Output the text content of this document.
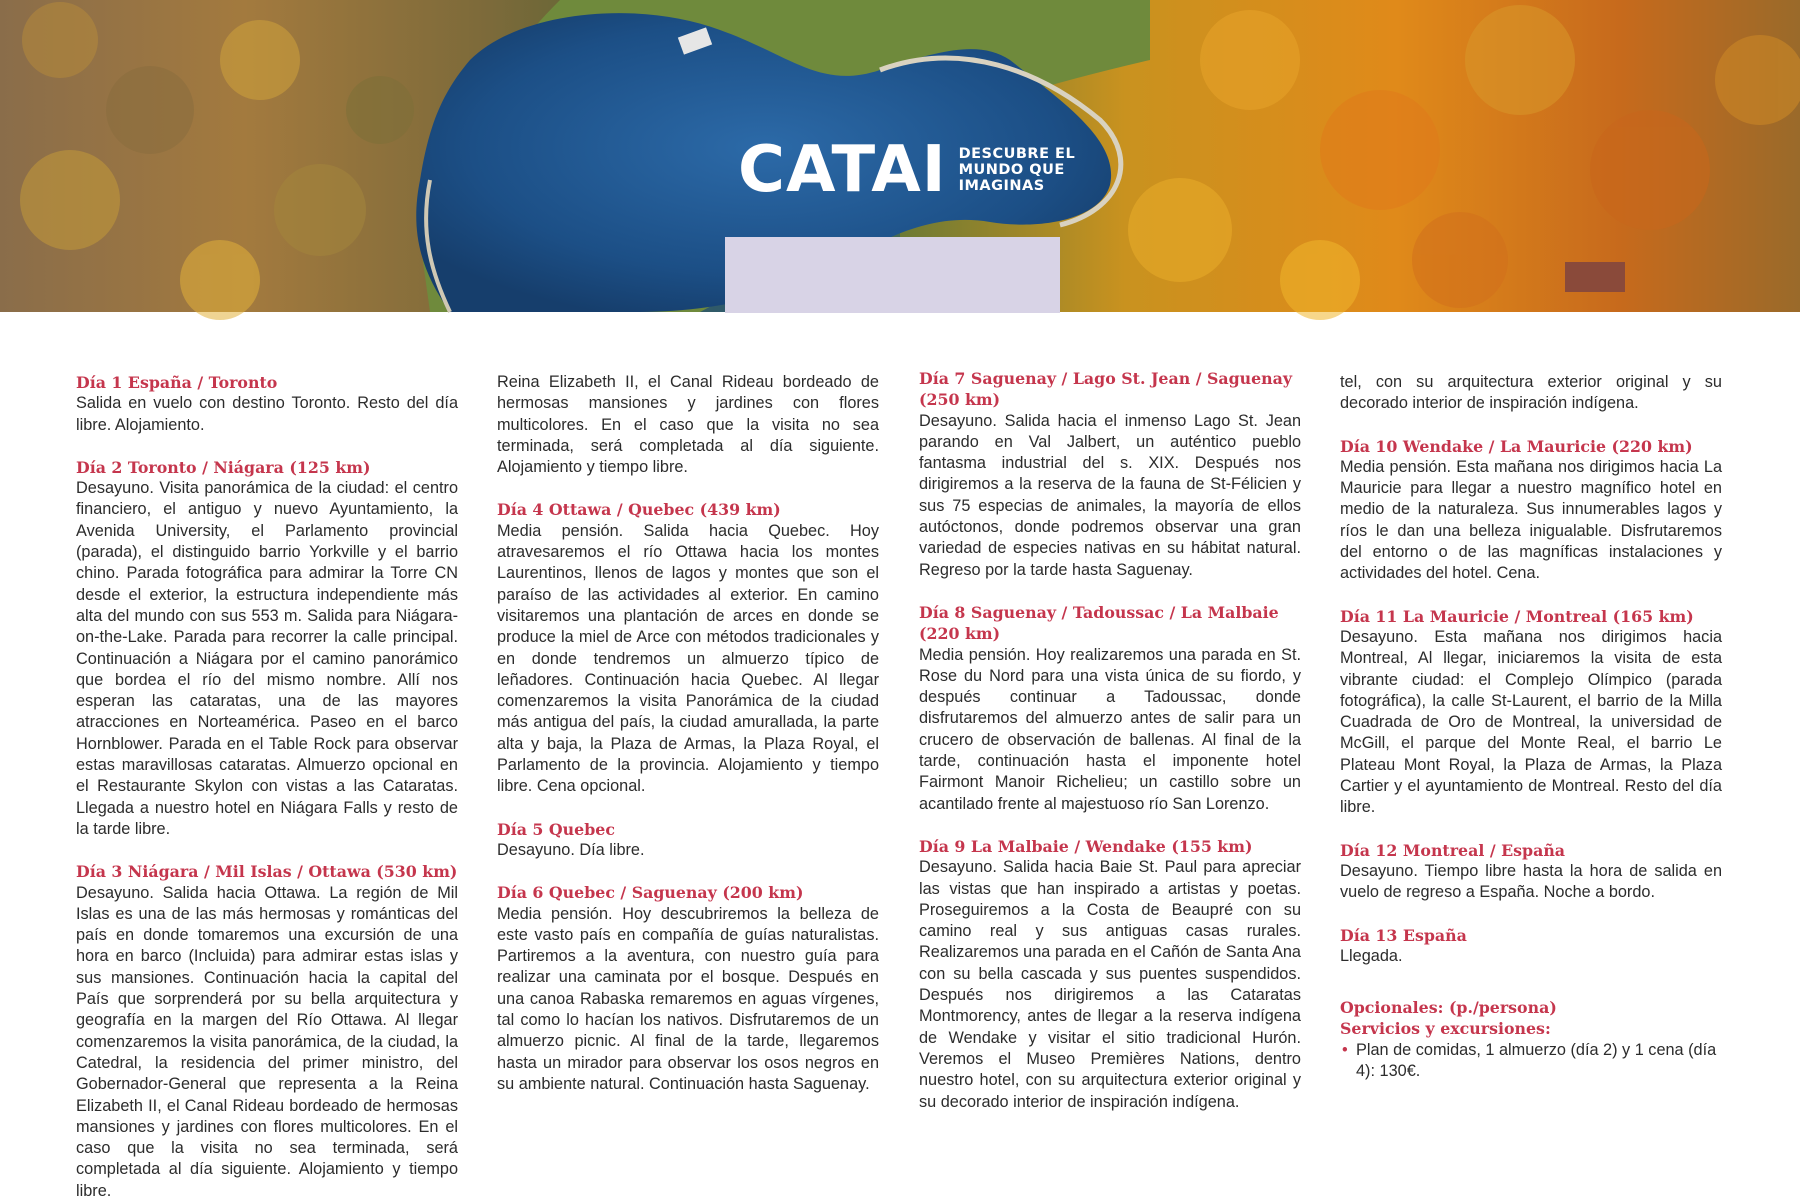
CATAI DESCUBRE EL
MUNDO QUE
IMAGINAS
Día 1 España / Toronto

Salida en vuelo con destino Toronto. Resto del día libre. Alojamiento.

Día 2 Toronto / Niágara (125 km)

Desayuno. Visita panorámica de la ciudad: el centro financiero, el antiguo y nuevo Ayuntamiento, la Avenida University, el Parlamento provincial (parada), el distinguido barrio Yorkville y el barrio chino. Parada fotográfica para admirar la Torre CN desde el exterior, la estructura independiente más alta del mundo con sus 553 m. Salida para Niágara-on-the-Lake. Parada para recorrer la calle principal. Continuación a Niágara por el camino panorámico que bordea el río del mismo nombre. Allí nos esperan las cataratas, una de las mayores atracciones en Norteamérica. Paseo en el barco Hornblower. Parada en el Table Rock para observar estas maravillosas cataratas. Almuerzo opcional en el Restaurante Skylon con vistas a las Cataratas. Llegada a nuestro hotel en Niágara Falls y resto de la tarde libre.

Día 3 Niágara / Mil Islas / Ottawa (530 km)

Desayuno. Salida hacia Ottawa. La región de Mil Islas es una de las más hermosas y románticas del país en donde tomaremos una excursión de una hora en barco (Incluida) para admirar estas islas y sus mansiones. Continuación hacia la capital del País que sorprenderá por su bella arquitectura y geografía en la margen del Río Ottawa. Al llegar comenzaremos la visita panorámica, de la ciudad, la Catedral, la residencia del primer ministro, del Gobernador-General que representa a la Reina Elizabeth II, el Canal Rideau bordeado de hermosas mansiones y jardines con flores multicolores. En el caso que la visita no sea terminada, será completada al día siguiente. Alojamiento y tiempo libre.

Reina Elizabeth II, el Canal Rideau bordeado de hermosas mansiones y jardines con flores multicolores. En el caso que la visita no sea terminada, será completada al día siguiente. Alojamiento y tiempo libre.

Día 4 Ottawa / Quebec (439 km)

Media pensión. Salida hacia Quebec. Hoy atravesaremos el río Ottawa hacia los montes Laurentinos, llenos de lagos y montes que son el paraíso de las actividades al exterior. En camino visitaremos una plantación de arces en donde se produce la miel de Arce con métodos tradicionales y en donde tendremos un almuerzo típico de leñadores. Continuación hacia Quebec. Al llegar comenzaremos la visita Panorámica de la ciudad más antigua del país, la ciudad amurallada, la parte alta y baja, la Plaza de Armas, la Plaza Royal, el Parlamento de la provincia. Alojamiento y tiempo libre. Cena opcional.

Día 5 Quebec

Desayuno. Día libre.

Día 6 Quebec / Saguenay (200 km)

Media pensión. Hoy descubriremos la belleza de este vasto país en compañía de guías naturalistas. Partiremos a la aventura, con nuestro guía para realizar una caminata por el bosque. Después en una canoa Rabaska remaremos en aguas vírgenes, tal como lo hacían los nativos. Disfrutaremos de un almuerzo picnic. Al final de la tarde, llegaremos hasta un mirador para observar los osos negros en su ambiente natural. Continuación hasta Saguenay.

Día 7 Saguenay / Lago St. Jean / Saguenay (250 km)

Desayuno. Salida hacia el inmenso Lago St. Jean parando en Val Jalbert, un auténtico pueblo fantasma industrial del s. XIX. Después nos dirigiremos a la reserva de la fauna de St-Félicien y sus 75 especias de animales, la mayoría de ellos autóctonos, donde podremos observar una gran variedad de especies nativas en su hábitat natural. Regreso por la tarde hasta Saguenay.

Día 8 Saguenay / Tadoussac / La Malbaie (220 km)

Media pensión. Hoy realizaremos una parada en St. Rose du Nord para una vista única de su fiordo, y después continuar a Tadoussac, donde disfrutaremos del almuerzo antes de salir para un crucero de observación de ballenas. Al final de la tarde, continuación hasta el imponente hotel Fairmont Manoir Richelieu; un castillo sobre un acantilado frente al majestuoso río San Lorenzo.

Día 9 La Malbaie / Wendake (155 km)

Desayuno. Salida hacia Baie St. Paul para apreciar las vistas que han inspirado a artistas y poetas. Proseguiremos a la Costa de Beaupré con su camino real y sus antiguas casas rurales. Realizaremos una parada en el Cañón de Santa Ana con su bella cascada y sus puentes suspendidos. Después nos dirigiremos a las Cataratas Montmorency, antes de llegar a la reserva indígena de Wendake y visitar el sitio tradicional Hurón. Veremos el Museo Premières Nations, dentro nuestro hotel, con su arquitectura exterior original y su decorado interior de inspiración indígena.

tel, con su arquitectura exterior original y su decorado interior de inspiración indígena.

Día 10 Wendake / La Mauricie (220 km)

Media pensión. Esta mañana nos dirigimos hacia La Mauricie para llegar a nuestro magnífico hotel en medio de la naturaleza. Sus innumerables lagos y ríos le dan una belleza inigualable. Disfrutaremos del entorno o de las magníficas instalaciones y actividades del hotel. Cena.

Día 11 La Mauricie / Montreal (165 km)

Desayuno. Esta mañana nos dirigimos hacia Montreal, Al llegar, iniciaremos la visita de esta vibrante ciudad: el Complejo Olímpico (parada fotográfica), la calle St-Laurent, el barrio de la Milla Cuadrada de Oro de Montreal, la universidad de McGill, el parque del Monte Real, el barrio Le Plateau Mont Royal, la Plaza de Armas, la Plaza Cartier y el ayuntamiento de Montreal. Resto del día libre.

Día 12 Montreal / España

Desayuno. Tiempo libre hasta la hora de salida en vuelo de regreso a España. Noche a bordo.

Día 13 España

Llegada.

Opcionales: (p./persona)
Servicios y excursiones:
• Plan de comidas, 1 almuerzo (día 2) y 1 cena (día 4): 130€.
